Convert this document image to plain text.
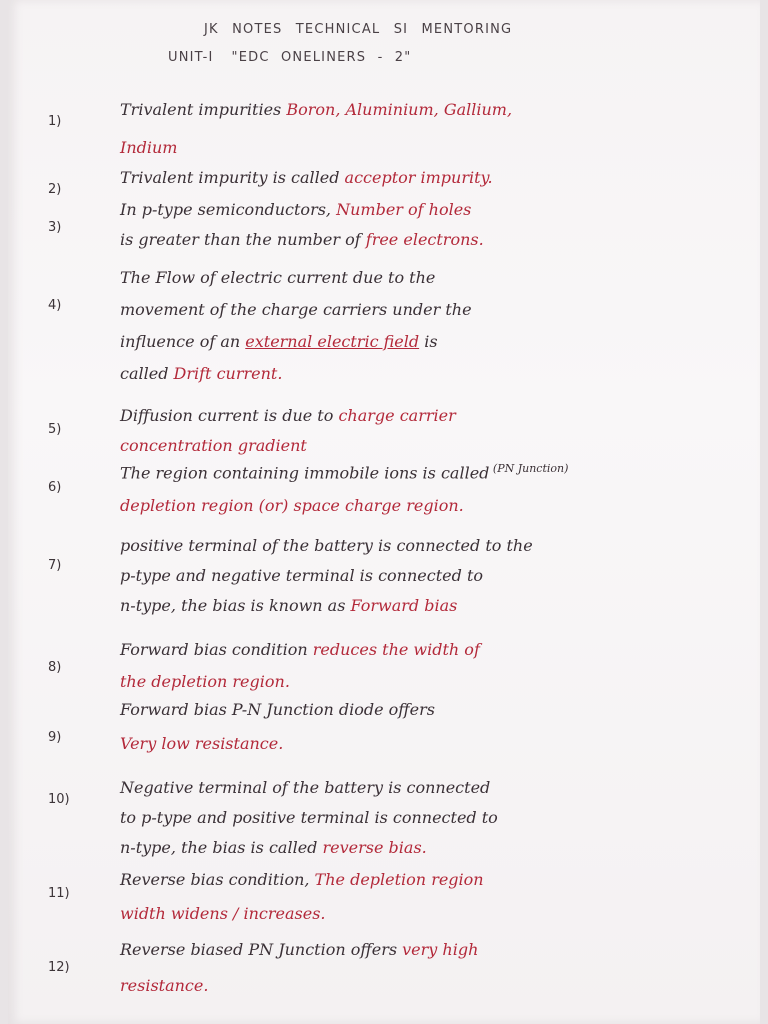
JK NOTES TECHNICAL SI MENTORING
UNIT-I "EDC ONELINERS - 2"
1)
Trivalent impurities Boron, Aluminium, Gallium,
Indium
2)
Trivalent impurity is called acceptor impurity.
3)
In p-type semiconductors, Number of holes
is greater than the number of free electrons.
4)
The Flow of electric current due to the
movement of the charge carriers under the
influence of an external electric field is
called Drift current.
5)
Diffusion current is due to charge carrier
concentration gradient
6)
The region containing immobile ions is called $^{(PN Junction)}$
depletion region (or) space charge region.
7)
positive terminal of the battery is connected to the
p-type and negative terminal is connected to
n-type, the bias is known as Forward bias
8)
Forward bias condition reduces the width of
the depletion region.
9)
Forward bias P-N Junction diode offers
Very low resistance.
10)
Negative terminal of the battery is connected
to p-type and positive terminal is connected to
n-type, the bias is called reverse bias.
11)
Reverse bias condition, The depletion region
width widens / increases.
12)
Reverse biased PN Junction offers very high
resistance.
